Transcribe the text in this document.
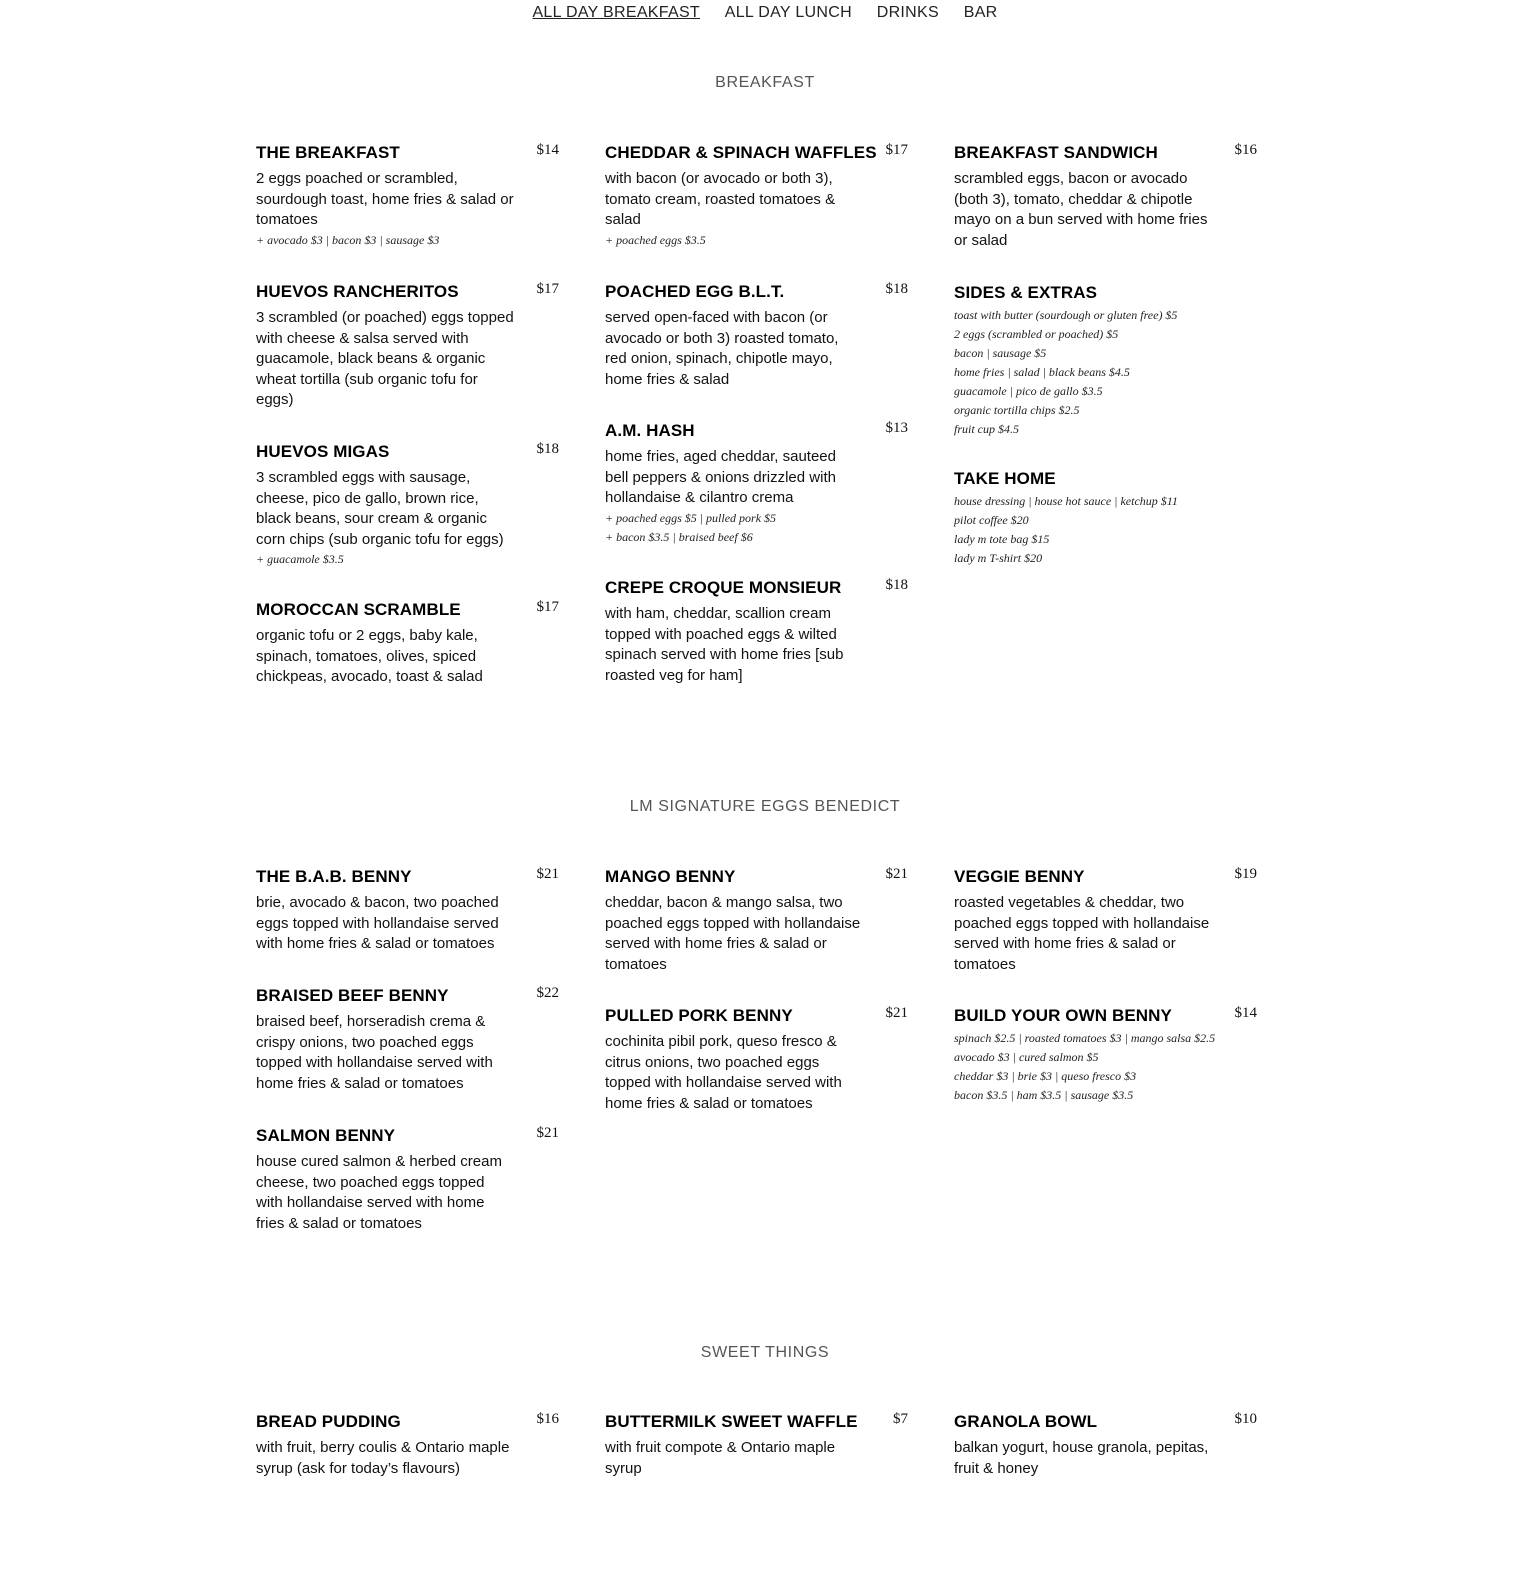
ALL DAY BREAKFAST ALL DAY LUNCH DRINKS BAR
BREAKFAST
LM SIGNATURE EGGS BENEDICT
SWEET THINGS
THE BREAKFAST	$14
2 eggs poached or scrambled, sourdough toast, home fries & salad or tomatoes
+ avocado $3 | bacon $3 | sausage $3
HUEVOS RANCHERITOS	$17
3 scrambled (or poached) eggs topped with cheese & salsa served with guacamole, black beans & organic wheat tortilla (sub organic tofu for eggs)
HUEVOS MIGAS	$18
3 scrambled eggs with sausage, cheese, pico de gallo, brown rice, black beans, sour cream & organic corn chips (sub organic tofu for eggs)
+ guacamole $3.5
MOROCCAN SCRAMBLE	$17
organic tofu or 2 eggs, baby kale, spinach, tomatoes, olives, spiced chickpeas, avocado, toast & salad
CHEDDAR & SPINACH WAFFLES $17
with bacon (or avocado or both 3), tomato cream, roasted tomatoes & salad
+ poached eggs $3.5
POACHED EGG B.L.T.	$18
served open-faced with bacon (or avocado or both 3) roasted tomato, red onion, spinach, chipotle mayo, home fries & salad
A.M. HASH	$13
home fries, aged cheddar, sauteed bell peppers & onions drizzled with hollandaise & cilantro crema
+ poached eggs $5 | pulled pork $5
+ bacon $3.5 | braised beef $6
CREPE CROQUE MONSIEUR	$18
with ham, cheddar, scallion cream topped with poached eggs & wilted spinach served with home fries [sub roasted veg for ham]
BREAKFAST SANDWICH	$16
scrambled eggs, bacon or avocado (both 3), tomato, cheddar & chipotle mayo on a bun served with home fries or salad
SIDES & EXTRAS
toast with butter (sourdough or gluten free) $5
2 eggs (scrambled or poached) $5
bacon | sausage $5
home fries | salad | black beans $4.5
guacamole | pico de gallo $3.5
organic tortilla chips $2.5
fruit cup $4.5
TAKE HOME
house dressing | house hot sauce | ketchup $11
pilot coffee $20
lady m tote bag $15
lady m T-shirt $20
THE B.A.B. BENNY	$21
brie, avocado & bacon, two poached eggs topped with hollandaise served with home fries & salad or tomatoes
BRAISED BEEF BENNY	$22
braised beef, horseradish crema & crispy onions, two poached eggs topped with hollandaise served with home fries & salad or tomatoes
SALMON BENNY	$21
house cured salmon & herbed cream cheese, two poached eggs topped with hollandaise served with home fries & salad or tomatoes
MANGO BENNY	$21
cheddar, bacon & mango salsa, two poached eggs topped with hollandaise served with home fries & salad or tomatoes
PULLED PORK BENNY	$21
cochinita pibil pork, queso fresco & citrus onions, two poached eggs topped with hollandaise served with home fries & salad or tomatoes
VEGGIE BENNY	$19
roasted vegetables & cheddar, two poached eggs topped with hollandaise served with home fries & salad or tomatoes
BUILD YOUR OWN BENNY	$14
spinach $2.5 | roasted tomatoes $3 | mango salsa $2.5
avocado $3 | cured salmon $5
cheddar $3 | brie $3 | queso fresco $3
bacon $3.5 | ham $3.5 | sausage $3.5
BREAD PUDDING	$16
with fruit, berry coulis & Ontario maple syrup (ask for today’s flavours)
BUTTERMILK SWEET WAFFLE $7
with fruit compote & Ontario maple syrup
GRANOLA BOWL	$10
balkan yogurt, house granola, pepitas, fruit & honey
